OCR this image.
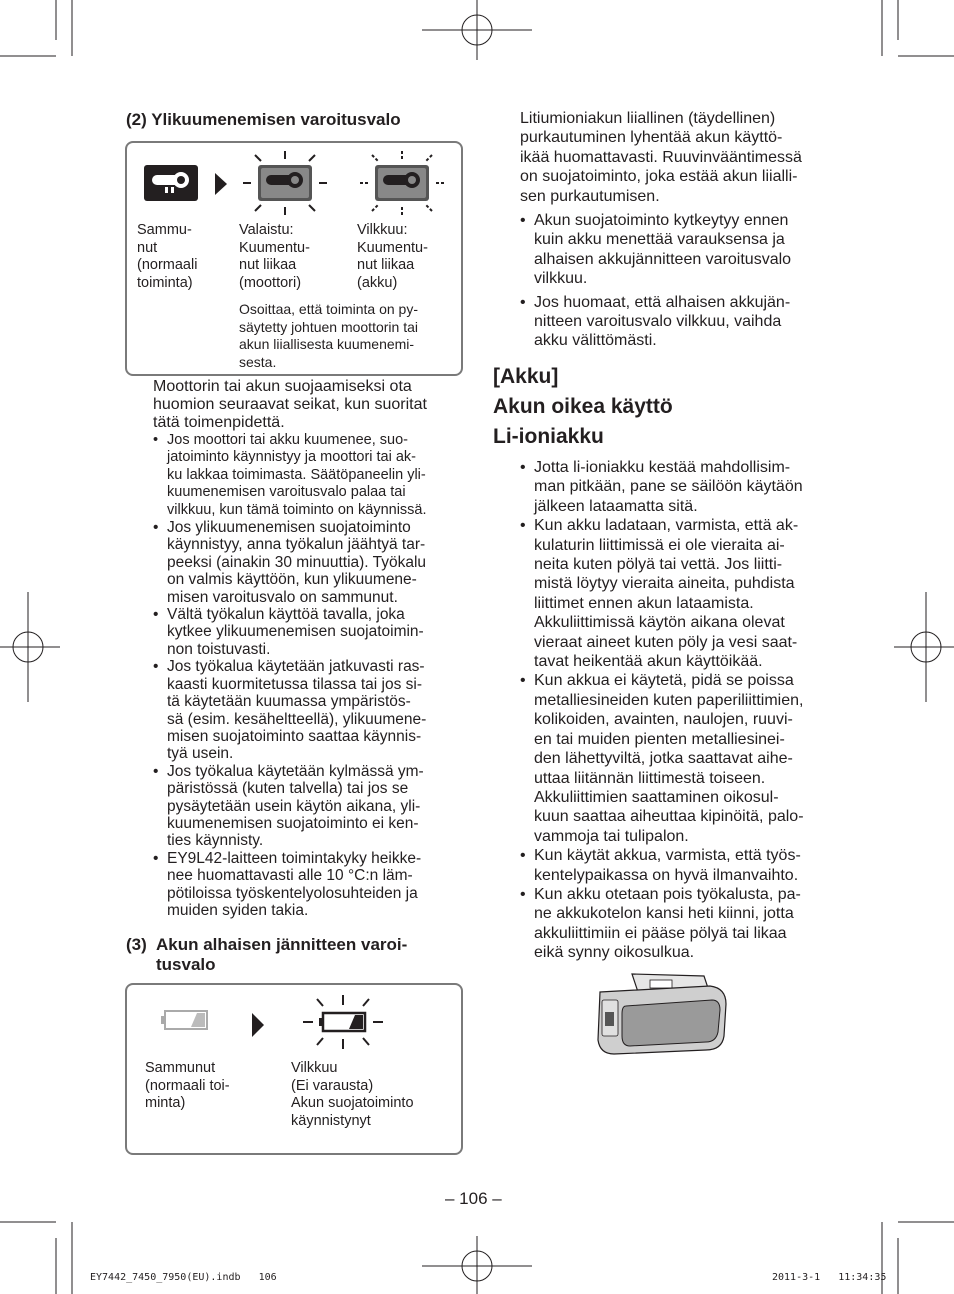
(2) Ylikuumenemisen varoitusvalo
Sammu-
nut
(normaali
toiminta)
Valaistu:
Kuumentu-
nut liikaa
(moottori)
Vilkkuu:
Kuumentu-
nut liikaa
(akku)
Osoittaa, että toiminta on py-
säytetty johtuen moottorin tai
akun liiallisesta kuumenemi-
sesta.
Moottorin tai akun suojaamiseksi ota
huomion seuraavat seikat, kun suoritat
tätä toimenpidettä.
• Jos moottori tai akku kuumenee, suo-
jatoiminto käynnistyy ja moottori tai ak-
ku lakkaa toimimasta. Säätöpaneelin yli-
kuumenemisen varoitusvalo palaa tai
vilkkuu, kun tämä toiminto on käynnissä.
• Jos ylikuumenemisen suojatoiminto
käynnistyy, anna työkalun jäähtyä tar-
peeksi (ainakin 30 minuuttia). Työkalu
on valmis käyttöön, kun ylikuumene-
misen varoitusvalo on sammunut.
• Vältä työkalun käyttöä tavalla, joka
kytkee ylikuumenemisen suojatoimin-
non toistuvasti.
• Jos työkalua käytetään jatkuvasti ras-
kaasti kuormitetussa tilassa tai jos si-
tä käytetään kuumassa ympäristös-
sä (esim. kesäheltteellä), ylikuumene-
misen suojatoiminto saattaa käynnis-
tyä usein.
• Jos työkalua käytetään kylmässä ym-
päristössä (kuten talvella) tai jos se
pysäytetään usein käytön aikana, yli-
kuumenemisen suojatoiminto ei ken-
ties käynnisty.
• EY9L42-laitteen toimintakyky heikke-
nee huomattavasti alle 10 °C:n läm-
pötiloissa työskentelyolosuhteiden ja
muiden syiden takia.
(3) Akun alhaisen jännitteen varoi-
tusvalo
Sammunut
(normaali toi-
minta)
Vilkkuu
(Ei varausta)
Akun suojatoiminto
käynnistynyt
Litiumioniakun liiallinen (täydellinen)
purkautuminen lyhentää akun käyttö-
ikää huomattavasti. Ruuvinvääntimessä
on suojatoiminto, joka estää akun liialli-
sen purkautumisen.
• Akun suojatoiminto kytkeytyy ennen
kuin akku menettää varauksensa ja
alhaisen akkujännitteen varoitusvalo
vilkkuu.
• Jos huomaat, että alhaisen akkujän-
nitteen varoitusvalo vilkkuu, vaihda
akku välittömästi.
[Akku]
Akun oikea käyttö
Li-ioniakku
• Jotta li-ioniakku kestää mahdollisim-
man pitkään, pane se säilöön käytäön
jälkeen lataamatta sitä.
• Kun akku ladataan, varmista, että ak-
kulaturin liittimissä ei ole vieraita ai-
neita kuten pölyä tai vettä. Jos liitti-
mistä löytyy vieraita aineita, puhdista
liittimet ennen akun lataamista.
Akkuliittimissä käytön aikana olevat
vieraat aineet kuten pöly ja vesi saat-
tavat heikentää akun käyttöikää.
• Kun akkua ei käytetä, pidä se poissa
metalliesineiden kuten paperiliittimien,
kolikoiden, avainten, naulojen, ruuvi-
en tai muiden pienten metalliesinei-
den lähettyviltä, jotka saattavat aihe-
uttaa liitännän liittimestä toiseen.
Akkuliittimien saattaminen oikosul-
kuun saattaa aiheuttaa kipinöitä, palo-
vammoja tai tulipalon.
• Kun käytät akkua, varmista, että työs-
kentelypaikassa on hyvä ilmanvaihto.
• Kun akku otetaan pois työkalusta, pa-
ne akkukotelon kansi heti kiinni, jotta
akkuliittimiin ei pääse pölyä tai likaa
eikä synny oikosulkua.
– 106 –
EY7442_7450_7950(EU).indb   106	2011-3-1   11:34:35
